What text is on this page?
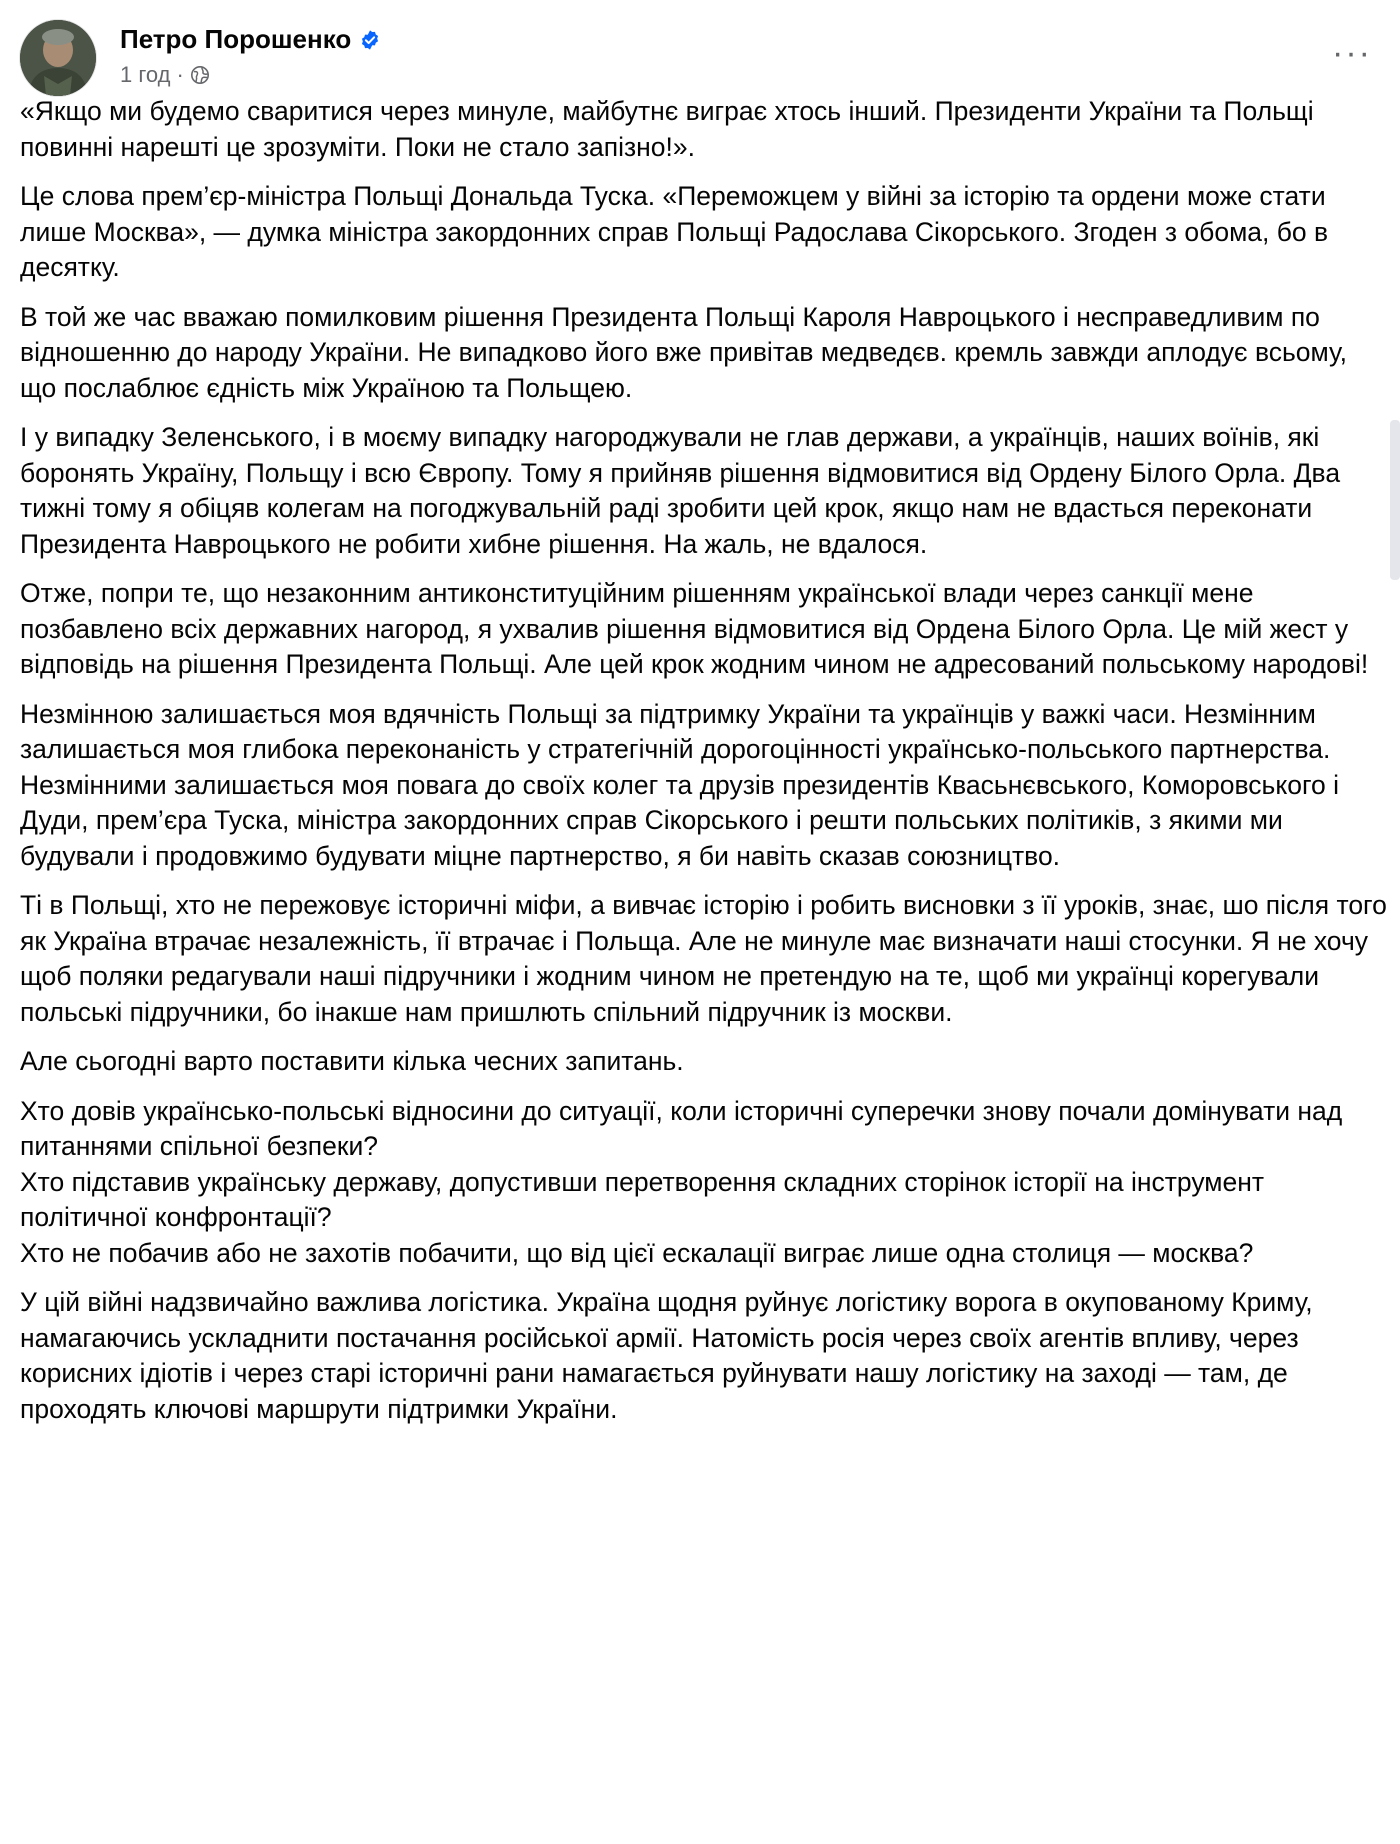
Петро Порошенко
1 год ·
···

«Якщо ми будемо сваритися через минуле, майбутнє виграє хтось інший. Президенти України та Польщі повинні нарешті це зрозуміти. Поки не стало запізно!».

Це слова прем’єр-міністра Польщі Дональда Туска. «Переможцем у війні за історію та ордени може стати лише Москва», — думка міністра закордонних справ Польщі Радослава Сікорського. Згоден з обома, бо в десятку.

В той же час вважаю помилковим рішення Президента Польщі Кароля Навроцького і несправедливим по відношенню до народу України. Не випадково його вже привітав медведєв. кремль завжди аплодує всьому, що послаблює єдність між Україною та Польщею.

І у випадку Зеленського, і в моєму випадку нагороджували не глав держави, а українців, наших воїнів, які боронять Україну, Польщу і всю Європу. Тому я прийняв рішення відмовитися від Ордену Білого Орла. Два тижні тому я обіцяв колегам на погоджувальній раді зробити цей крок, якщо нам не вдасться переконати Президента Навроцького не робити хибне рішення. На жаль, не вдалося.

Отже, попри те, що незаконним антиконституційним рішенням української влади через санкції мене позбавлено всіх державних нагород, я ухвалив рішення відмовитися від Ордена Білого Орла. Це мій жест у відповідь на рішення Президента Польщі. Але цей крок жодним чином не адресований польському народові!

Незмінною залишається моя вдячність Польщі за підтримку України та українців у важкі часи. Незмінним залишається моя глибока переконаність у стратегічній дорогоцінності українсько-польського партнерства. Незмінними залишається моя повага до своїх колег та друзів президентів Квасьнєвського, Коморовського і Дуди, прем’єра Туска, міністра закордонних справ Сікорського і решти польських політиків, з якими ми будували і продовжимо будувати міцне партнерство, я би навіть сказав союзництво.

Ті в Польщі, хто не пережовує історичні міфи, а вивчає історію і робить висновки з її уроків, знає, шо після того як Україна втрачає незалежність, її втрачає і Польща. Але не минуле має визначати наші стосунки. Я не хочу щоб поляки редагували наші підручники і жодним чином не претендую на те, щоб ми українці корегували польські підручники, бо інакше нам пришлють спільний підручник із москви.

Але сьогодні варто поставити кілька чесних запитань.

Хто довів українсько-польські відносини до ситуації, коли історичні суперечки знову почали домінувати над питаннями спільної безпеки?
Хто підставив українську державу, допустивши перетворення складних сторінок історії на інструмент політичної конфронтації?
Хто не побачив або не захотів побачити, що від цієї ескалації виграє лише одна столиця — москва?

У цій війні надзвичайно важлива логістика. Україна щодня руйнує логістику ворога в окупованому Криму, намагаючись ускладнити постачання російської армії. Натомість росія через своїх агентів впливу, через корисних ідіотів і через старі історичні рани намагається руйнувати нашу логістику на заході — там, де проходять ключові маршрути підтримки України.
